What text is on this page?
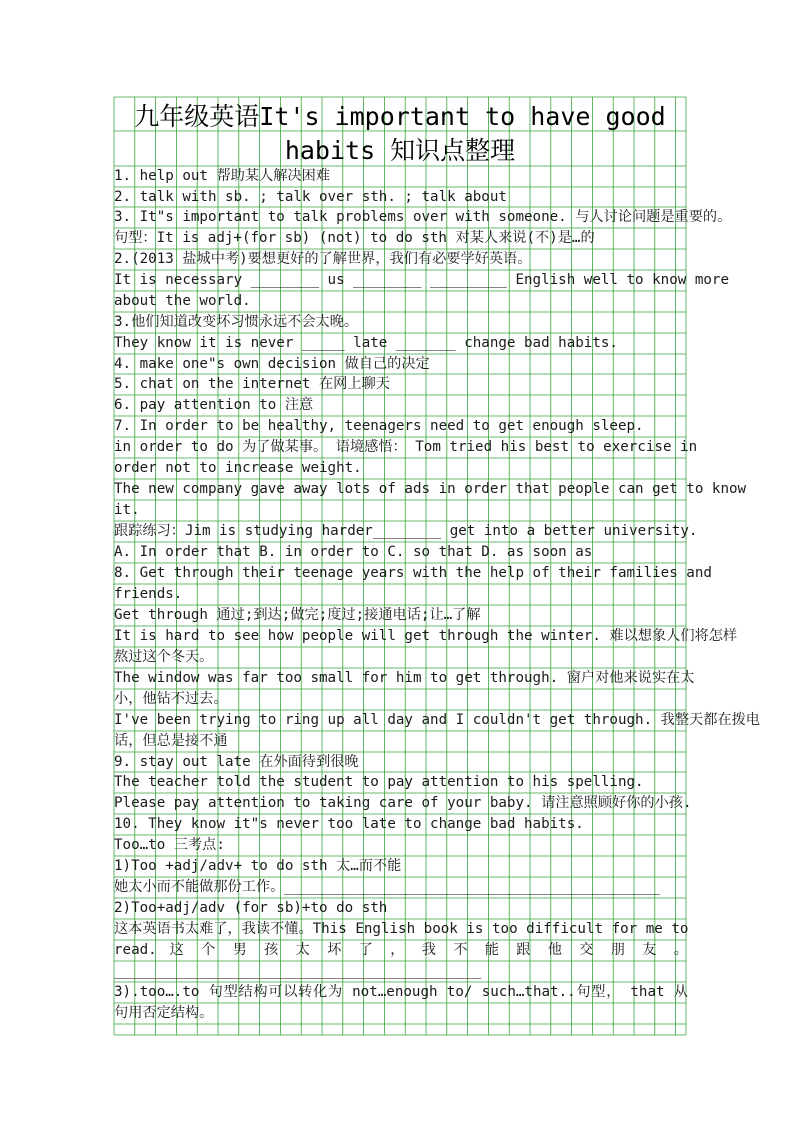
九年级英语It's important to have good
habits 知识点整理
1. help out 帮助某人解决困难
2. talk with sb. ; talk over sth. ; talk about
3. It"s important to talk problems over with someone. 与人讨论问题是重要的。
句型：It is adj+(for sb) (not) to do sth 对某人来说(不)是…的
2.(2013 盐城中考)要想更好的了解世界，我们有必要学好英语。
It is necessary ________ us ________ _________ English well to know more
about the world.
3.他们知道改变坏习惯永远不会太晚。
They know it is never _____ late _______ change bad habits.
4. make one"s own decision 做自己的决定
5. chat on the internet 在网上聊天
6. pay attention to 注意
7. In order to be healthy, teenagers need to get enough sleep.
in order to do 为了做某事。 语境感悟： Tom tried his best to exercise in
order not to increase weight.
The new company gave away lots of ads in order that people can get to know
it.
跟踪练习：Jim is studying harder________ get into a better university.
A. In order that B. in order to C. so that D. as soon as
8. Get through their teenage years with the help of their families and
friends.
Get through 通过;到达;做完;度过;接通电话;让…了解
It is hard to see how people will get through the winter. 难以想象人们将怎样
熬过这个冬天。
The window was far too small for him to get through. 窗户对他来说实在太
小，他钻不过去。
I've been trying to ring up all day and I couldn't get through. 我整天都在拨电
话，但总是接不通
9. stay out late 在外面待到很晚
The teacher told the student to pay attention to his spelling.
Please pay attention to taking care of your baby. 请注意照顾好你的小孩.
10. They know it"s never too late to change bad habits.
Too…to 三考点:
1)Too +adj/adv+ to do sth 太…而不能
她太小而不能做那份工作。____________________________________________
2)Too+adj/adv (for sb)+to do sth
这本英语书太难了，我读不懂。This English book is too difficult for me to
read. 这 个 男 孩 太 坏 了 ， 我 不 能 跟 他 交 朋 友 。
___________________________________________
3).too….to 句型结构可以转化为 not…enough to/ such…that..句型， that 从
句用否定结构。
